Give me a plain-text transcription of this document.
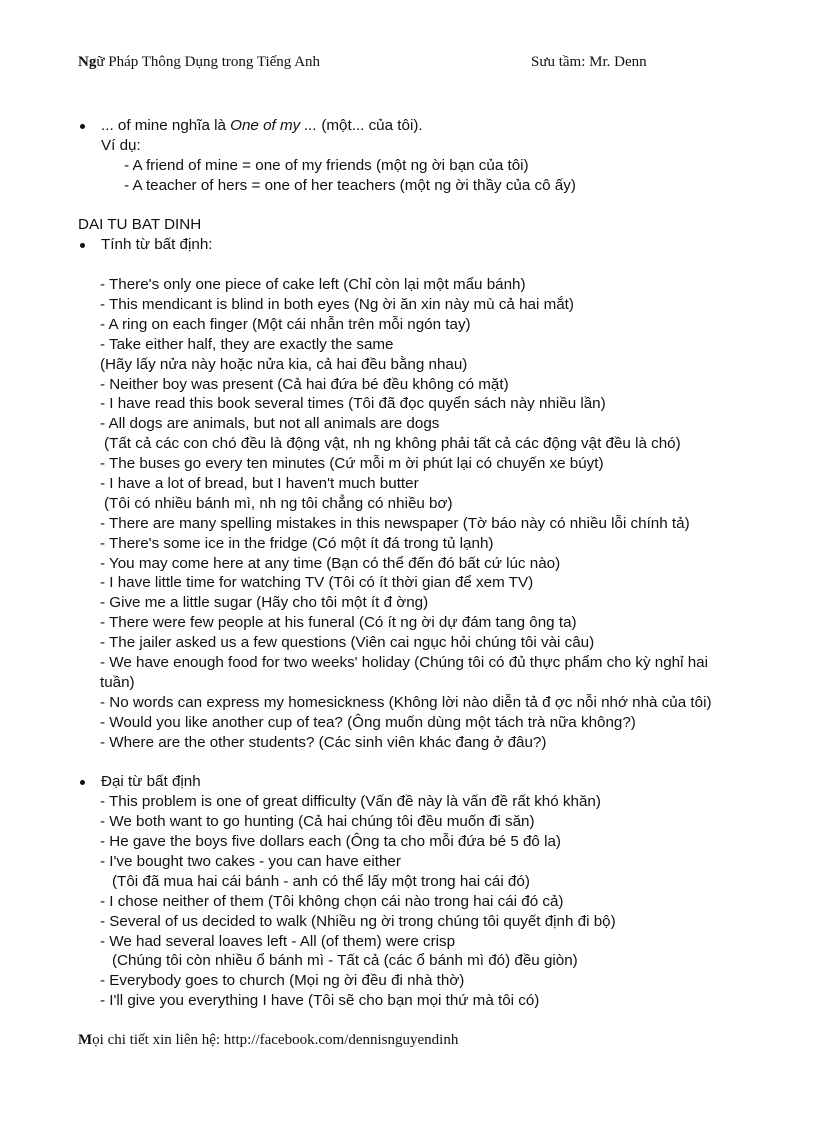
Ngữ Pháp Thông Dụng trong Tiếng Anh	Sưu tầm: Mr. Denn
... of mine nghĩa là One of my ... (một... của tôi).
Ví dụ:
- A friend of mine = one of my friends (một ng ời bạn của tôi)
- A teacher of hers = one of her teachers (một ng ời thầy của cô ấy)
DAI TU BAT DINH
Tính từ bất định:
- There's only one piece of cake left (Chỉ còn lại một mẩu bánh)
- This mendicant is blind in both eyes (Ng ời ăn xin này mù cả hai mắt)
- A ring on each finger (Một cái nhẫn trên mỗi ngón tay)
- Take either half, they are exactly the same
(Hãy lấy nửa này hoặc nửa kia, cả hai đều bằng nhau)
- Neither boy was present (Cả hai đứa bé đều không có mặt)
- I have read this book several times (Tôi đã đọc quyển sách này nhiều lần)
- All dogs are animals, but not all animals are dogs
(Tất cả các con chó đều là động vật, nh ng không phải tất cả các động vật đều là chó)
- The buses go every ten minutes (Cứ mỗi m ời phút lại có chuyến xe búyt)
- I have a lot of bread, but I haven't much butter
(Tôi có nhiều bánh mì, nh ng tôi chẳng có nhiều bơ)
- There are many spelling mistakes in this newspaper (Tờ báo này có nhiều lỗi chính tả)
- There's some ice in the fridge (Có một ít đá trong tủ lạnh)
- You may come here at any time (Bạn có thể đến đó bất cứ lúc nào)
- I have little time for watching TV (Tôi có ít thời gian để xem TV)
- Give me a little sugar (Hãy cho tôi một ít đ ờng)
- There were few people at his funeral (Có ít ng ời dự đám tang ông ta)
- The jailer asked us a few questions (Viên cai ngục hỏi chúng tôi vài câu)
- We have enough food for two weeks' holiday (Chúng tôi có đủ thực phẩm cho kỳ nghỉ hai
tuần)
- No words can express my homesickness (Không lời nào diễn tả đ ợc nỗi nhớ nhà của tôi)
- Would you like another cup of tea? (Ông muốn dùng một tách trà nữa không?)
- Where are the other students? (Các sinh viên khác đang ở đâu?)
Đại từ bất định
- This problem is one of great difficulty (Vấn đề này là vấn đề rất khó khăn)
- We both want to go hunting (Cả hai chúng tôi đều muốn đi săn)
- He gave the boys five dollars each (Ông ta cho mỗi đứa bé 5 đô la)
- I've bought two cakes - you can have either
(Tôi đã mua hai cái bánh - anh có thể lấy một trong hai cái đó)
- I chose neither of them (Tôi không chọn cái nào trong hai cái đó cả)
- Several of us decided to walk (Nhiều ng ời trong chúng tôi quyết định đi bộ)
- We had several loaves left - All (of them) were crisp
(Chúng tôi còn nhiều ổ bánh mì - Tất cả (các ổ bánh mì đó) đều giòn)
- Everybody goes to church (Mọi ng ời đều đi nhà thờ)
- I'll give you everything I have (Tôi sẽ cho bạn mọi thứ mà tôi có)
Mọi chi tiết xin liên hệ: http://facebook.com/dennisnguyendinh
